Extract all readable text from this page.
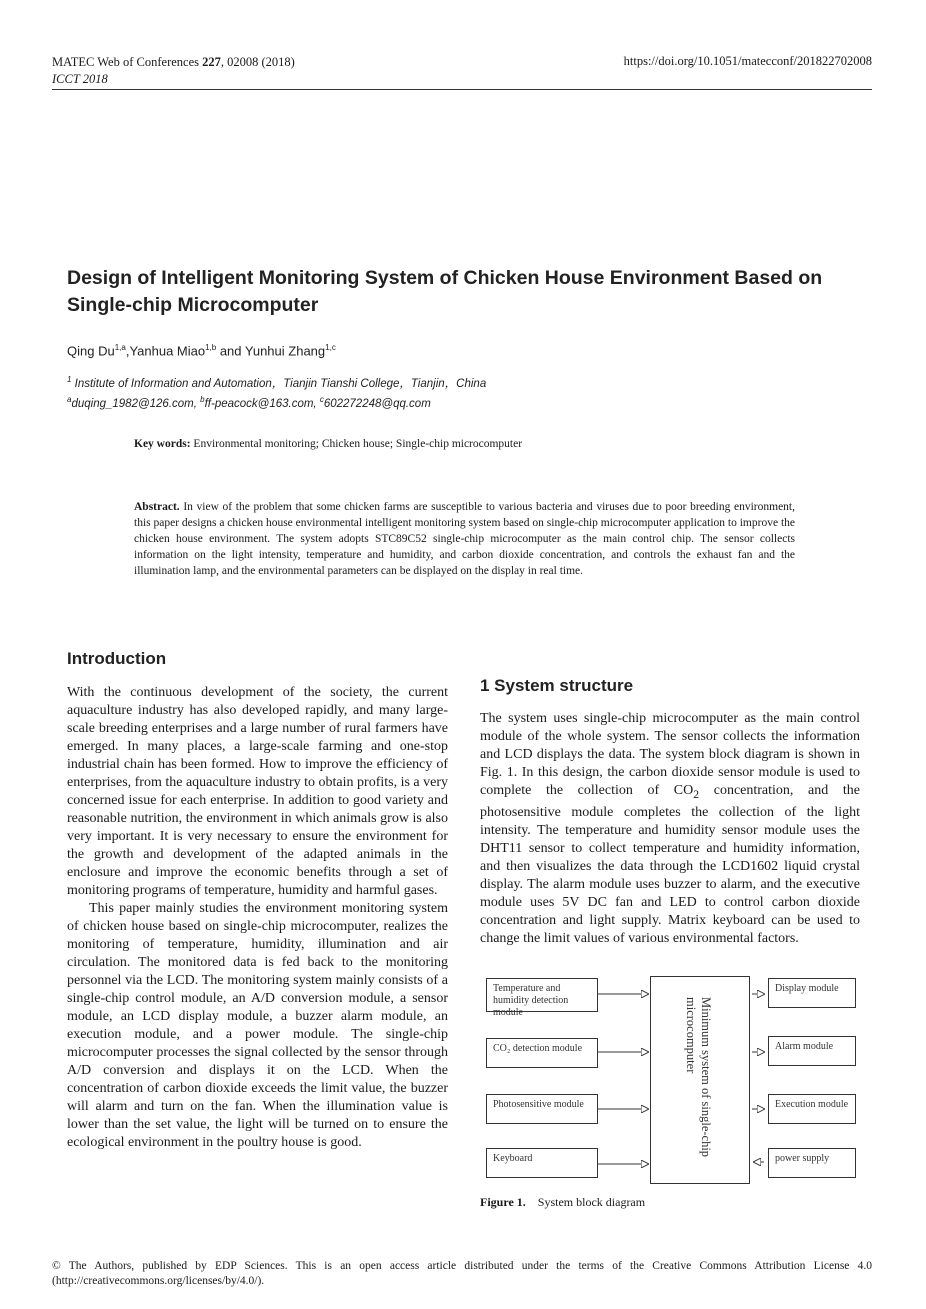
MATEC Web of Conferences 227, 02008 (2018)
ICCT 2018
https://doi.org/10.1051/matecconf/201822702008
Design of Intelligent Monitoring System of Chicken House Environment Based on Single-chip Microcomputer
Qing Du$^{1,a}$,Yanhua Miao$^{1,b}$ and Yunhui Zhang$^{1,c}$
$^1$ Institute of Information and Automation，Tianjin Tianshi College，Tianjin，China
$^a$duqing_1982@126.com, $^b$ff-peacock@163.com, $^c$602272248@qq.com
Key words: Environmental monitoring; Chicken house; Single-chip microcomputer
Abstract. In view of the problem that some chicken farms are susceptible to various bacteria and viruses due to poor breeding environment, this paper designs a chicken house environmental intelligent monitoring system based on single-chip microcomputer application to improve the chicken house environment. The system adopts STC89C52 single-chip microcomputer as the main control chip. The sensor collects information on the light intensity, temperature and humidity, and carbon dioxide concentration, and controls the exhaust fan and the illumination lamp, and the environmental parameters can be displayed on the display in real time.
Introduction

With the continuous development of the society, the current aquaculture industry has also developed rapidly, and many large-scale breeding enterprises and a large number of rural farmers have emerged. In many places, a large-scale farming and one-stop industrial chain has been formed. How to improve the efficiency of enterprises, from the aquaculture industry to obtain profits, is a very concerned issue for each enterprise. In addition to good variety and reasonable nutrition, the environment in which animals grow is also very important. It is very necessary to ensure the environment for the growth and development of the adapted animals in the enclosure and improve the economic benefits through a set of monitoring programs of temperature, humidity and harmful gases.

This paper mainly studies the environment monitoring system of chicken house based on single-chip microcomputer, realizes the monitoring of temperature, humidity, illumination and air circulation. The monitored data is fed back to the monitoring personnel via the LCD. The monitoring system mainly consists of a single-chip control module, an A/D conversion module, a sensor module, an LCD display module, a buzzer alarm module, an execution module, and a power module. The single-chip microcomputer processes the signal collected by the sensor through A/D conversion and displays it on the LCD. When the concentration of carbon dioxide exceeds the limit value, the buzzer will alarm and turn on the fan. When the illumination value is lower than the set value, the light will be turned on to ensure the ecological environment in the poultry house is good.

1 System structure

The system uses single-chip microcomputer as the main control module of the whole system. The sensor collects the information and LCD displays the data. The system block diagram is shown in Fig. 1. In this design, the carbon dioxide sensor module is used to complete the collection of $CO_2$ concentration, and the photosensitive module completes the collection of the light intensity. The temperature and humidity sensor module uses the DHT11 sensor to collect temperature and humidity information, and then visualizes the data through the LCD1602 liquid crystal display. The alarm module uses buzzer to alarm, and the executive module uses 5V DC fan and LED to control carbon dioxide concentration and light supply. Matrix keyboard can be used to change the limit values of various environmental factors.

Temperature and humidity detection module
CO₂ detection module
Photosensitive module
Keyboard
Minimum system of single-chip microcomputer
Display module
Alarm module
Execution module
power supply
Figure 1. System block diagram
© The Authors, published by EDP Sciences. This is an open access article distributed under the terms of the Creative Commons Attribution License 4.0 (http://creativecommons.org/licenses/by/4.0/).
